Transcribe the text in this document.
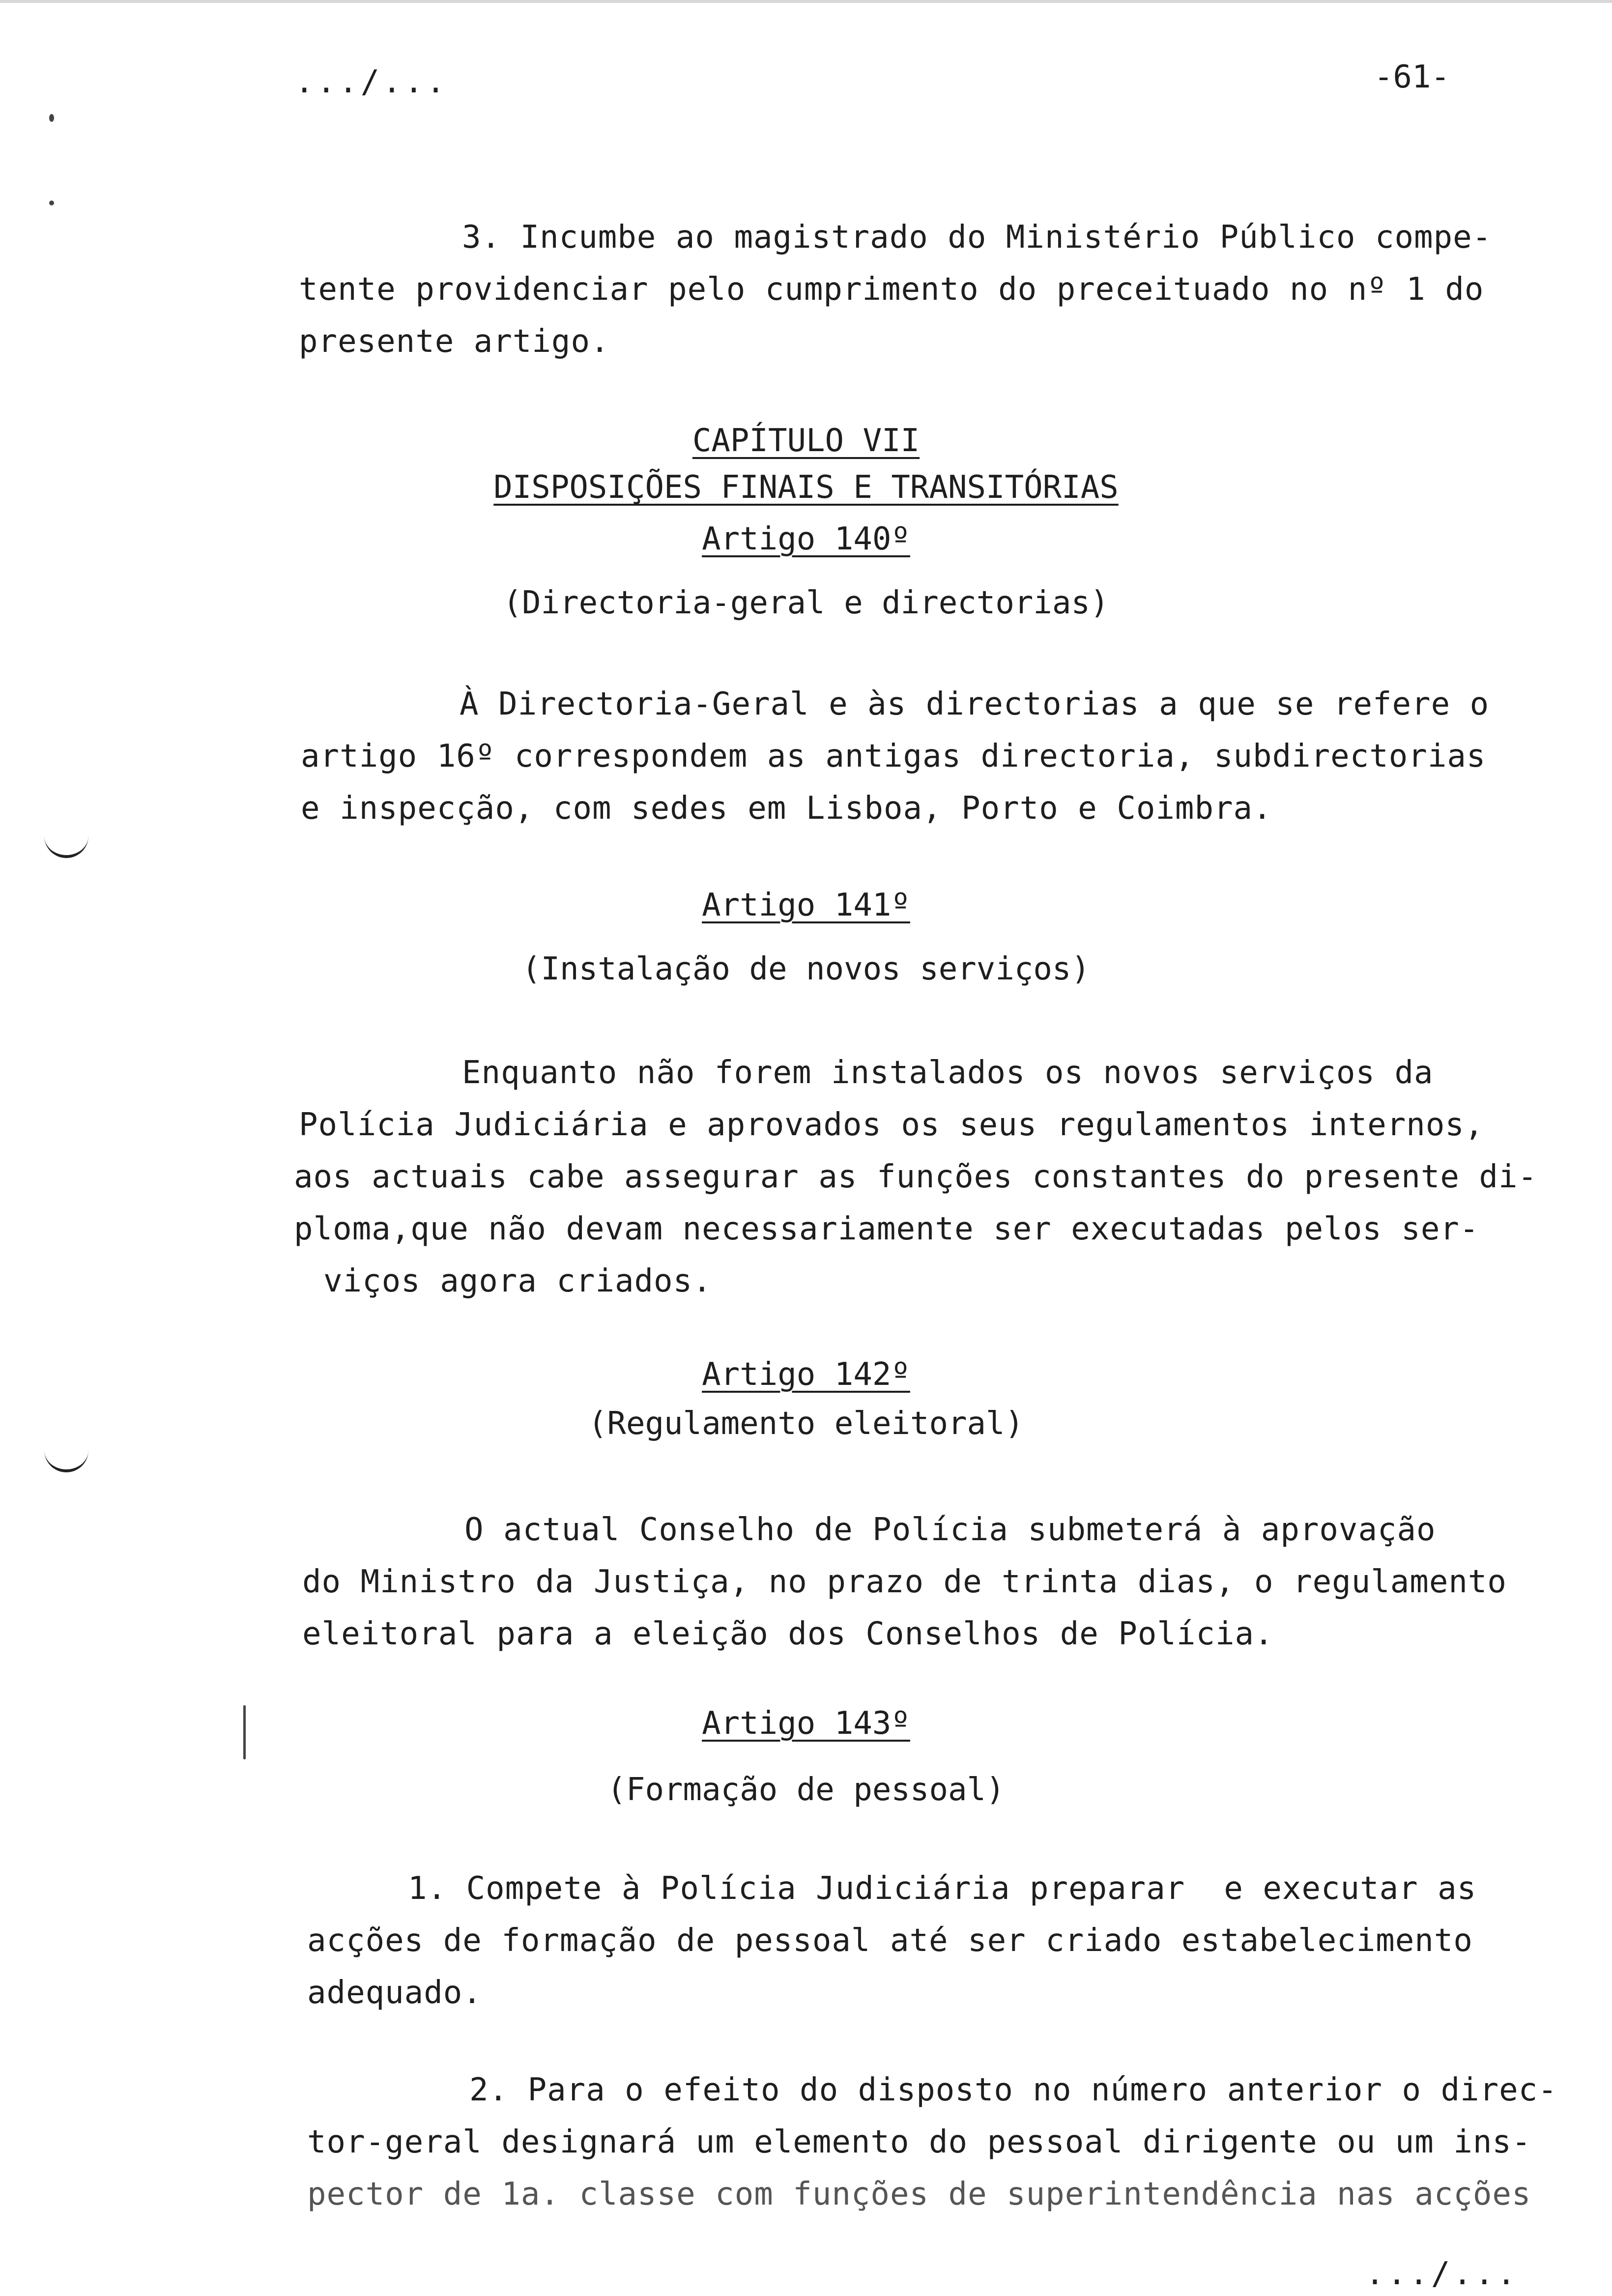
.../...	-61-

3. Incumbe ao magistrado do Ministério Público compe-

tente providenciar pelo cumprimento do preceituado no nº 1 do

presente artigo.

CAPÍTULO VII

DISPOSIÇÕES FINAIS E TRANSITÓRIAS

Artigo 140º

(Directoria-geral e directorias)

À Directoria-Geral e às directorias a que se refere o

artigo 16º correspondem as antigas directoria, subdirectorias

e inspecção, com sedes em Lisboa, Porto e Coimbra.

Artigo 141º

(Instalação de novos serviços)

Enquanto não forem instalados os novos serviços da

Polícia Judiciária e aprovados os seus regulamentos internos,

aos actuais cabe assegurar as funções constantes do presente di-

ploma,que não devam necessariamente ser executadas pelos ser-

viços agora criados.

Artigo 142º

(Regulamento eleitoral)

O actual Conselho de Polícia submeterá à aprovação

do Ministro da Justiça, no prazo de trinta dias, o regulamento

eleitoral para a eleição dos Conselhos de Polícia.

Artigo 143º

(Formação de pessoal)

1. Compete à Polícia Judiciária preparar  e executar as

acções de formação de pessoal até ser criado estabelecimento

adequado.

2. Para o efeito do disposto no número anterior o direc-

tor-geral designará um elemento do pessoal dirigente ou um ins-

pector de 1a. classe com funções de superintendência nas acções

.../...
